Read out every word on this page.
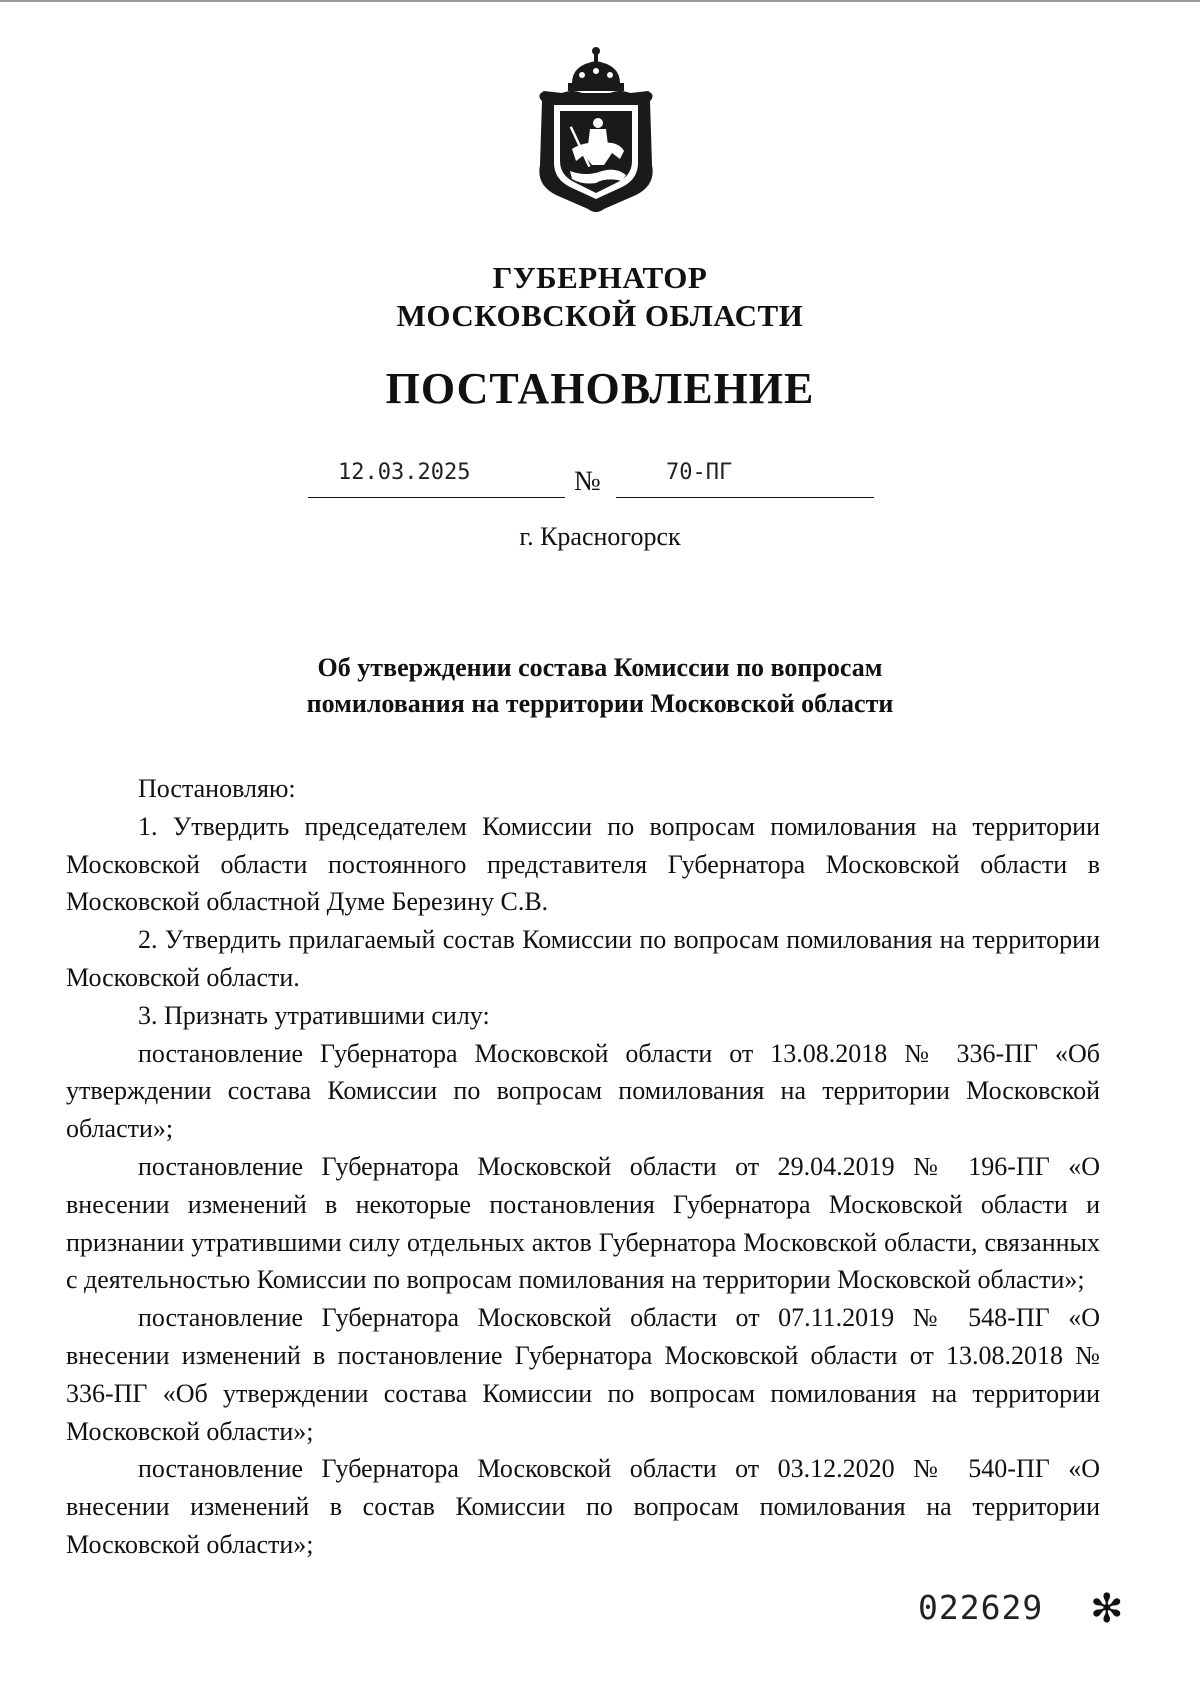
ГУБЕРНАТОР
МОСКОВСКОЙ ОБЛАСТИ
ПОСТАНОВЛЕНИЕ
12.03.2025	№	70-ПГ
г. Красногорск
Об утверждении состава Комиссии по вопросам
помилования на территории Московской области

Постановляю:

1. Утвердить председателем Комиссии по вопросам помилования на территории Московской области постоянного представителя Губернатора Московской области в Московской областной Думе Березину С.В.

2. Утвердить прилагаемый состав Комиссии по вопросам помилования на территории Московской области.

3. Признать утратившими силу:

постановление Губернатора Московской области от 13.08.2018 № 336-ПГ «Об утверждении состава Комиссии по вопросам помилования на территории Московской области»;

постановление Губернатора Московской области от 29.04.2019 № 196-ПГ «О внесении изменений в некоторые постановления Губернатора Московской области и признании утратившими силу отдельных актов Губернатора Московской области, связанных с деятельностью Комиссии по вопросам помилования на территории Московской области»;

постановление Губернатора Московской области от 07.11.2019 № 548-ПГ «О внесении изменений в постановление Губернатора Московской области от 13.08.2018 № 336-ПГ «Об утверждении состава Комиссии по вопросам помилования на территории Московской области»;

постановление Губернатора Московской области от 03.12.2020 № 540-ПГ «О внесении изменений в состав Комиссии по вопросам помилования на территории Московской области»;

022629 ✻
